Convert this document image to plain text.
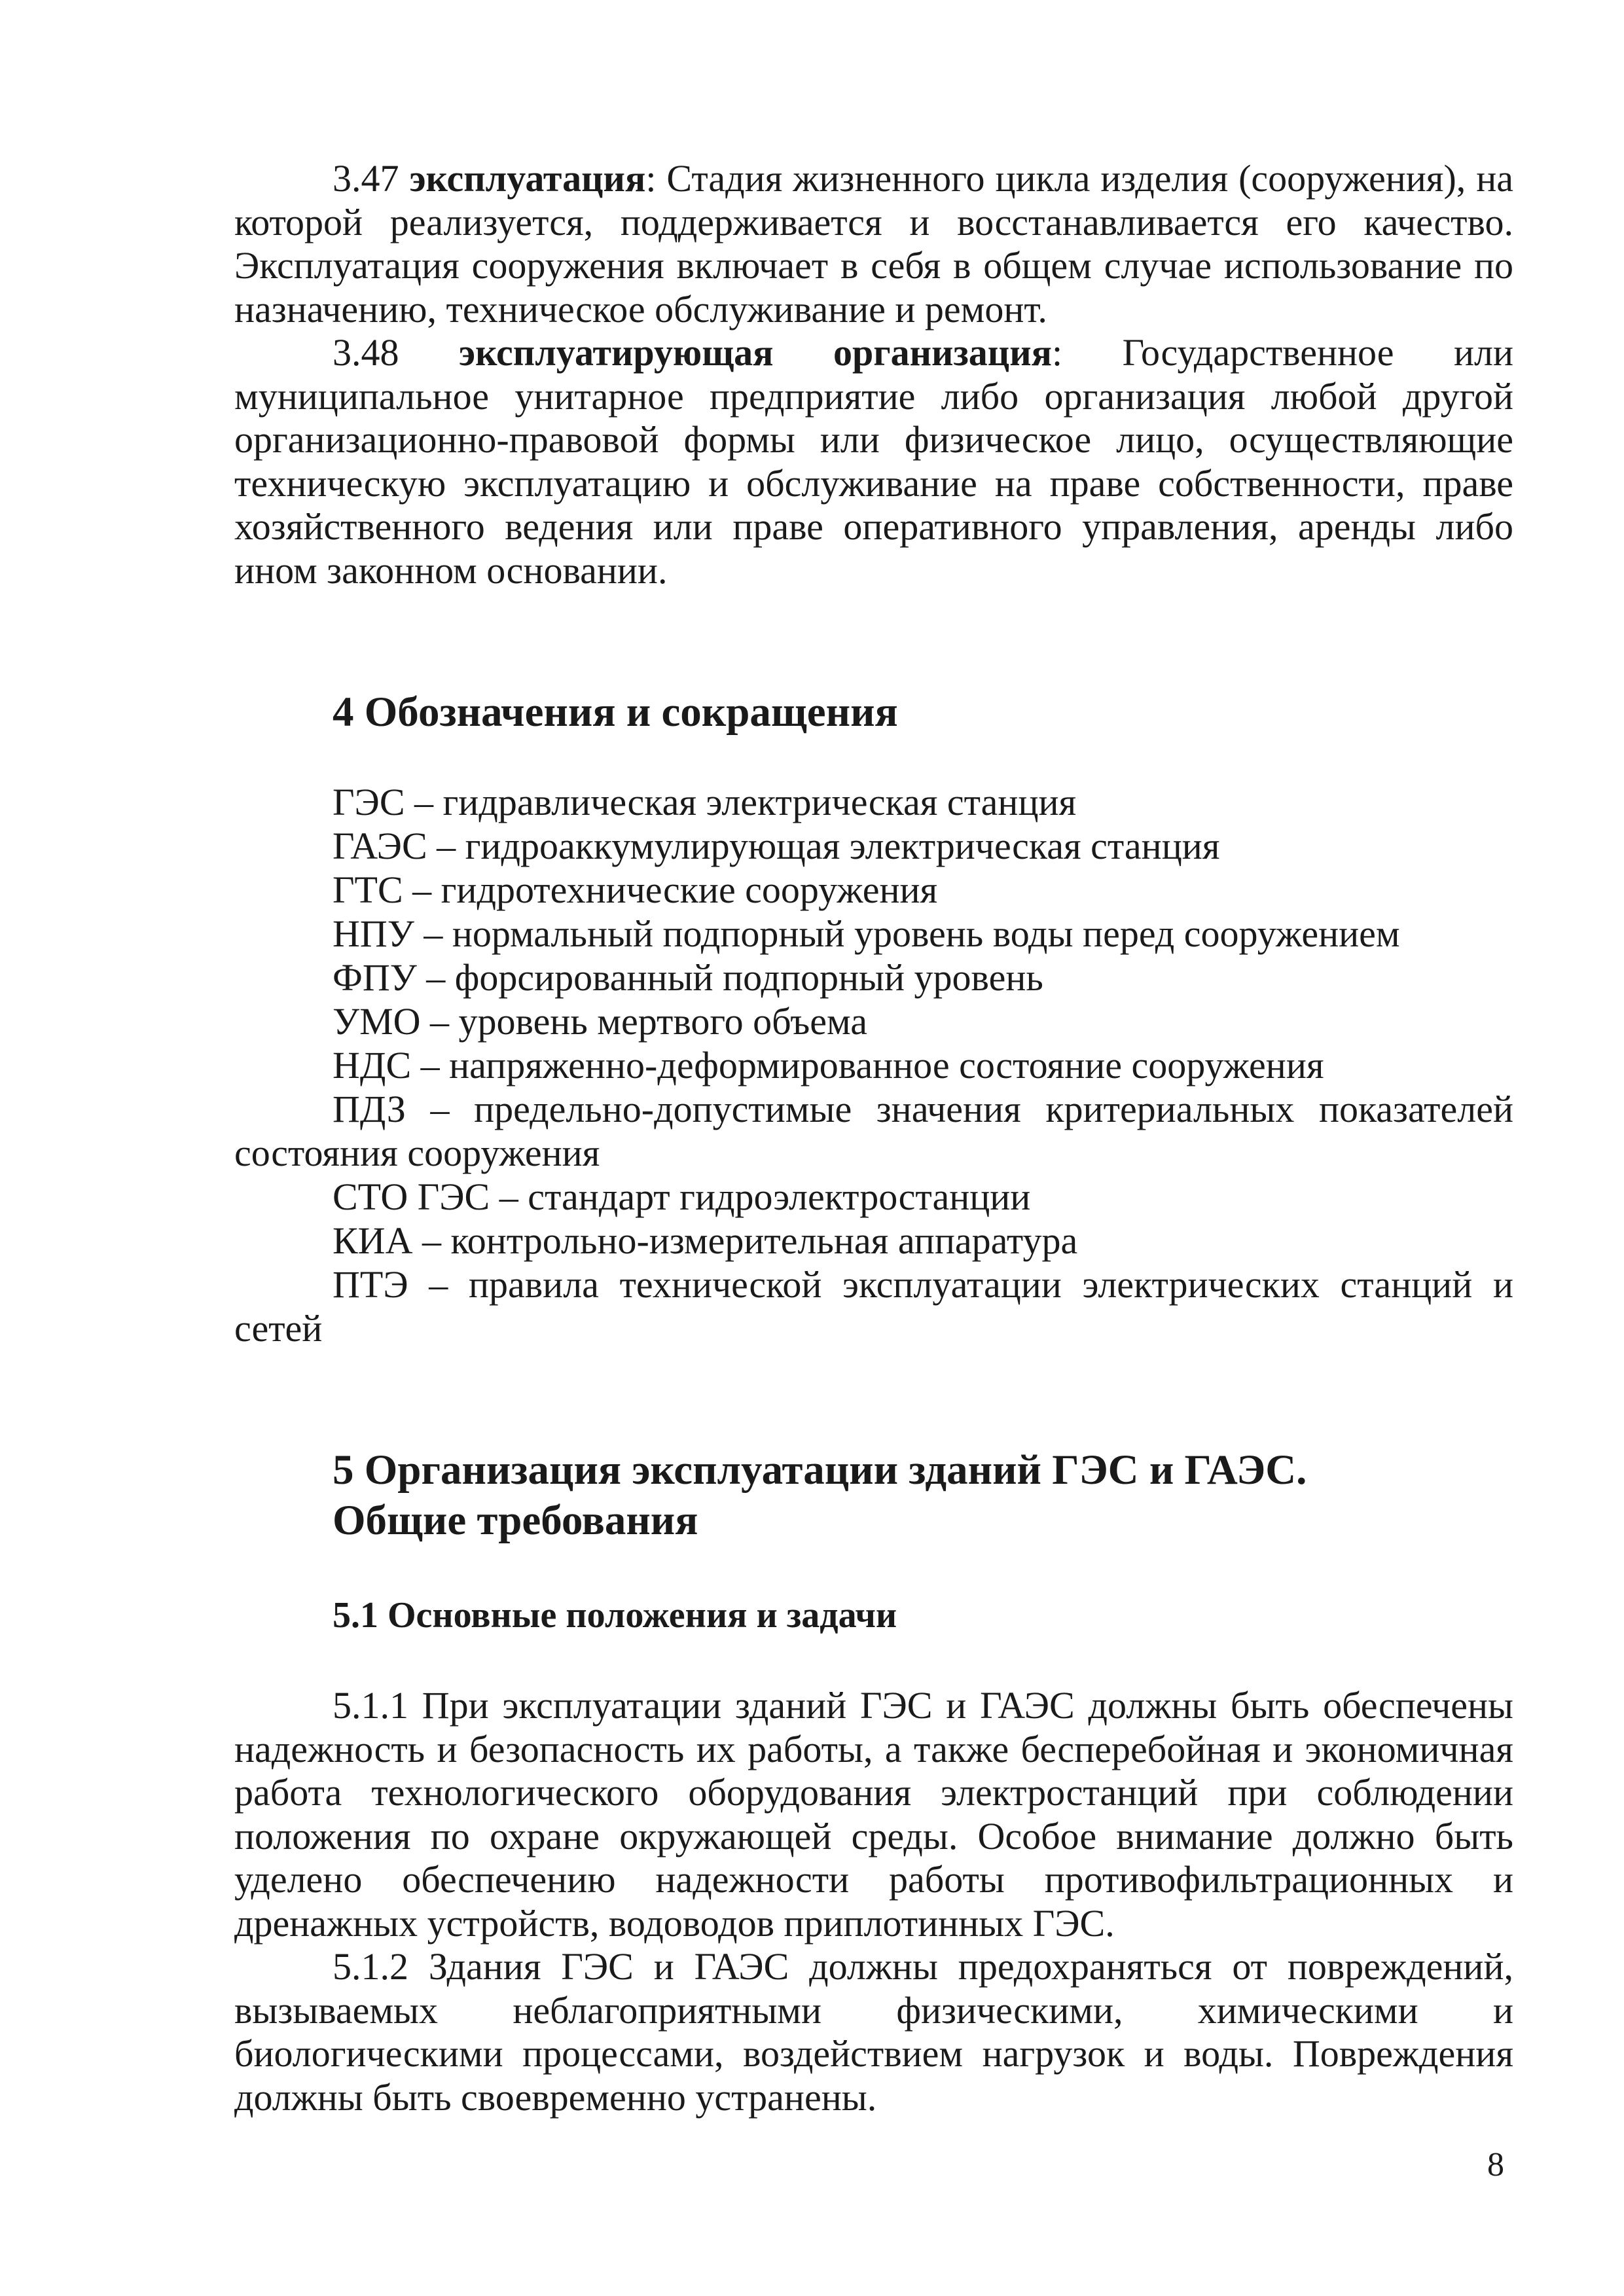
3.47 эксплуатация: Стадия жизненного цикла изделия (сооружения), на которой реализуется, поддерживается и восстанавливается его качество. Эксплуатация сооружения включает в себя в общем случае использование по назначению, техническое обслуживание и ремонт.

3.48 эксплуатирующая организация: Государственное или муниципальное унитарное предприятие либо организация любой другой организационно-правовой формы или физическое лицо, осуществляющие техническую эксплуатацию и обслуживание на праве собственности, праве хозяйственного ведения или праве оперативного управления, аренды либо ином законном основании.

4 Обозначения и сокращения

ГЭС – гидравлическая электрическая станция

ГАЭС – гидроаккумулирующая электрическая станция

ГТС – гидротехнические сооружения

НПУ – нормальный подпорный уровень воды перед сооружением

ФПУ – форсированный подпорный уровень

УМО – уровень мертвого объема

НДС – напряженно-деформированное состояние сооружения

ПДЗ – предельно-допустимые значения критериальных показателей состояния сооружения

СТО ГЭС – стандарт гидроэлектростанции

КИА – контрольно-измерительная аппаратура

ПТЭ – правила технической эксплуатации электрических станций и сетей

5 Организация эксплуатации зданий ГЭС и ГАЭС.
Общие требования
5.1 Основные положения и задачи

5.1.1 При эксплуатации зданий ГЭС и ГАЭС должны быть обеспечены надежность и безопасность их работы, а также бесперебойная и экономичная работа технологического оборудования электростанций при соблюдении положения по охране окружающей среды. Особое внимание должно быть уделено обеспечению надежности работы противофильтрационных и дренажных устройств, водоводов приплотинных ГЭС.

5.1.2 Здания ГЭС и ГАЭС должны предохраняться от повреждений, вызываемых неблагоприятными физическими, химическими и биологическими процессами, воздействием нагрузок и воды. Повреждения должны быть своевременно устранены.

8
